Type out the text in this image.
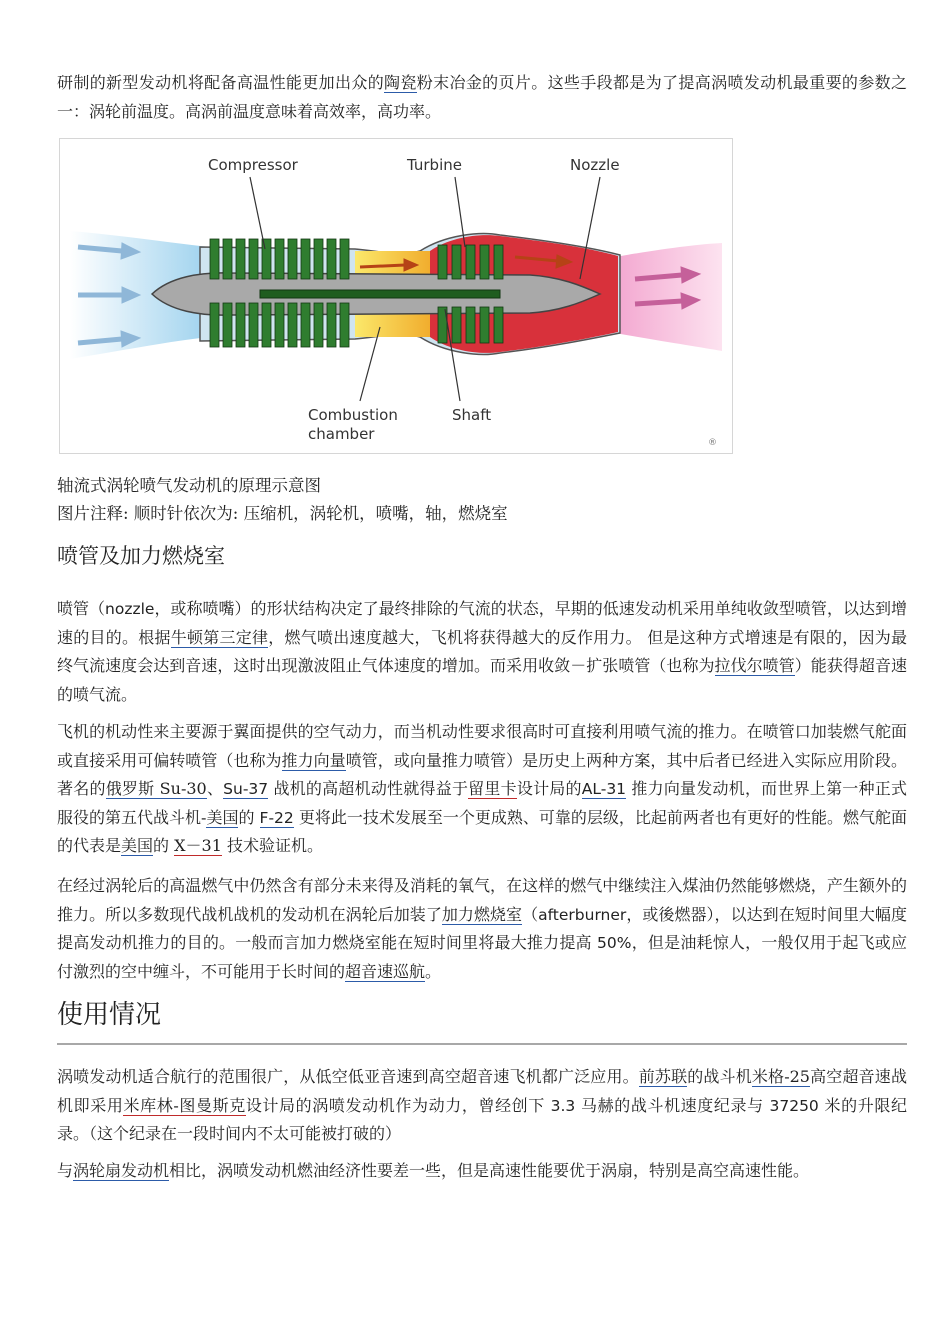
研制的新型发动机将配备高温性能更加出众的陶瓷粉末冶金的页片。这些手段都是为了提高涡喷发动机最重要的参数之一：涡轮前温度。高涡前温度意味着高效率，高功率。

Compressor	Turbine	Nozzle
Combustion
chamber
Shaft
®

轴流式涡轮喷气发动机的原理示意图

图片注释: 顺时针依次为: 压缩机，涡轮机，喷嘴，轴，燃烧室

喷管及加力燃烧室

喷管（nozzle，或称喷嘴）的形状结构决定了最终排除的气流的状态，早期的低速发动机采用单纯收敛型喷管，以达到增速的目的。根据牛顿第三定律，燃气喷出速度越大，飞机将获得越大的反作用力。 但是这种方式增速是有限的，因为最终气流速度会达到音速，这时出现激波阻止气体速度的增加。而采用收敛－扩张喷管（也称为拉伐尔喷管）能获得超音速的喷气流。

飞机的机动性来主要源于翼面提供的空气动力，而当机动性要求很高时可直接利用喷气流的推力。在喷管口加装燃气舵面或直接采用可偏转喷管（也称为推力向量喷管，或向量推力喷管）是历史上两种方案，其中后者已经进入实际应用阶段。著名的俄罗斯 Su-30、Su-37 战机的高超机动性就得益于留里卡设计局的AL-31 推力向量发动机，而世界上第一种正式服役的第五代战斗机-美国的 F-22 更将此一技术发展至一个更成熟、可靠的层级，比起前两者也有更好的性能。燃气舵面的代表是美国的 X－31 技术验证机。

在经过涡轮后的高温燃气中仍然含有部分未来得及消耗的氧气，在这样的燃气中继续注入煤油仍然能够燃烧，产生额外的推力。所以多数现代战机战机的发动机在涡轮后加装了加力燃烧室（afterburner，或後燃器），以达到在短时间里大幅度提高发动机推力的目的。一般而言加力燃烧室能在短时间里将最大推力提高 50%，但是油耗惊人，一般仅用于起飞或应付激烈的空中缠斗，不可能用于长时间的超音速巡航。

使用情况

涡喷发动机适合航行的范围很广，从低空低亚音速到高空超音速飞机都广泛应用。前苏联的战斗机米格-25高空超音速战机即采用米库林-图曼斯克设计局的涡喷发动机作为动力，曾经创下 3.3 马赫的战斗机速度纪录与 37250 米的升限纪录。（这个纪录在一段时间内不太可能被打破的）

与涡轮扇发动机相比，涡喷发动机燃油经济性要差一些，但是高速性能要优于涡扇，特别是高空高速性能。
